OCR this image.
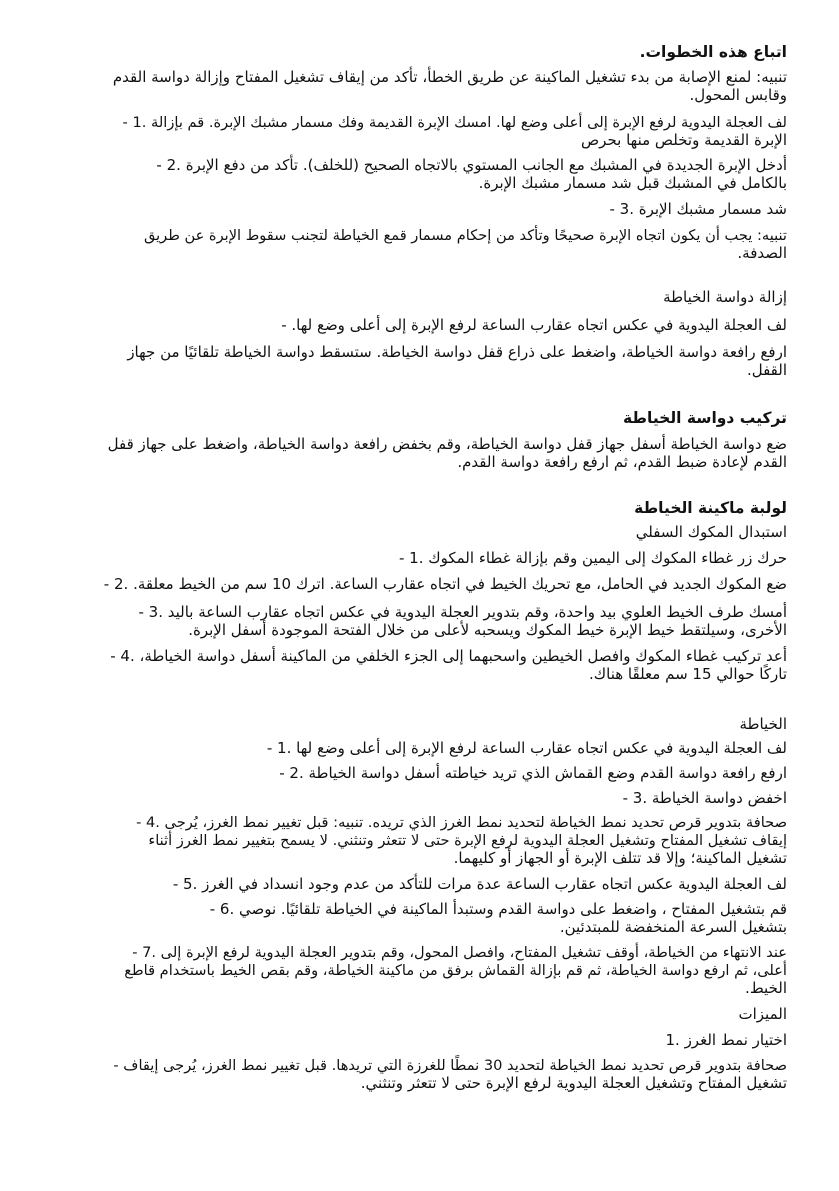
اتباع هذه الخطوات.
تنبيه: لمنع الإصابة من بدء تشغيل الماكينة عن طريق الخطأ، تأكد من إيقاف تشغيل المفتاح وإزالة دواسة القدم
وقابس المحول.
لف العجلة اليدوية لرفع الإبرة إلى أعلى وضع لها. امسك الإبرة القديمة وفك مسمار مشبك الإبرة. قم بإزالة .1 -
الإبرة القديمة وتخلص منها بحرص
أدخل الإبرة الجديدة في المشبك مع الجانب المستوي بالاتجاه الصحيح (للخلف). تأكد من دفع الإبرة .2 -
بالكامل في المشبك قبل شد مسمار مشبك الإبرة.
شد مسمار مشبك الإبرة .3 -
تنبيه: يجب أن يكون اتجاه الإبرة صحيحًا وتأكد من إحكام مسمار قمع الخياطة لتجنب سقوط الإبرة عن طريق
الصدفة.
إزالة دواسة الخياطة
لف العجلة اليدوية في عكس اتجاه عقارب الساعة لرفع الإبرة إلى أعلى وضع لها. -
ارفع رافعة دواسة الخياطة، واضغط على ذراع قفل دواسة الخياطة. ستسقط دواسة الخياطة تلقائيًا من جهاز
القفل.
تركيب دواسة الخياطة
ضع دواسة الخياطة أسفل جهاز قفل دواسة الخياطة، وقم بخفض رافعة دواسة الخياطة، واضغط على جهاز قفل
القدم لإعادة ضبط القدم، ثم ارفع رافعة دواسة القدم.
لولبة ماكينة الخياطة
استبدال المكوك السفلي
حرك زر غطاء المكوك إلى اليمين وقم بإزالة غطاء المكوك .1 -
ضع المكوك الجديد في الحامل، مع تحريك الخيط في اتجاه عقارب الساعة. اترك 10 سم من الخيط معلقة. .2 -
أمسك طرف الخيط العلوي بيد واحدة، وقم بتدوير العجلة اليدوية في عكس اتجاه عقارب الساعة باليد .3 -
الأخرى، وسيلتقط خيط الإبرة خيط المكوك ويسحبه لأعلى من خلال الفتحة الموجودة أسفل الإبرة.
أعد تركيب غطاء المكوك وافصل الخيطين واسحبهما إلى الجزء الخلفي من الماكينة أسفل دواسة الخياطة، .4 -
تاركًا حوالي 15 سم معلقًا هناك.
الخياطة
لف العجلة اليدوية في عكس اتجاه عقارب الساعة لرفع الإبرة إلى أعلى وضع لها .1 -
ارفع رافعة دواسة القدم وضع القماش الذي تريد خياطته أسفل دواسة الخياطة .2 -
اخفض دواسة الخياطة .3 -
صحافة بتدوير قرص تحديد نمط الخياطة لتحديد نمط الغرز الذي تريده. تنبيه: قبل تغيير نمط الغرز، يُرجى .4 -
إيقاف تشغيل المفتاح وتشغيل العجلة اليدوية لرفع الإبرة حتى لا تتعثر وتنثني. لا يسمح بتغيير نمط الغرز أثناء
تشغيل الماكينة؛ وإلا قد تتلف الإبرة أو الجهاز أو كليهما.
لف العجلة اليدوية عكس اتجاه عقارب الساعة عدة مرات للتأكد من عدم وجود انسداد في الغرز .5 -
قم بتشغيل المفتاح ، واضغط على دواسة القدم وستبدأ الماكينة في الخياطة تلقائيًا. نوصي .6 -
بتشغيل السرعة المنخفضة للمبتدئين.
عند الانتهاء من الخياطة، أوقف تشغيل المفتاح، وافصل المحول، وقم بتدوير العجلة اليدوية لرفع الإبرة إلى .7 -
أعلى، ثم ارفع دواسة الخياطة، ثم قم بإزالة القماش برفق من ماكينة الخياطة، وقم بقص الخيط باستخدام قاطع
الخيط.
الميزات
اختيار نمط الغرز .1
صحافة بتدوير قرص تحديد نمط الخياطة لتحديد 30 نمطًا للغرزة التي تريدها. قبل تغيير نمط الغرز، يُرجى إيقاف -
تشغيل المفتاح وتشغيل العجلة اليدوية لرفع الإبرة حتى لا تتعثر وتنثني.
